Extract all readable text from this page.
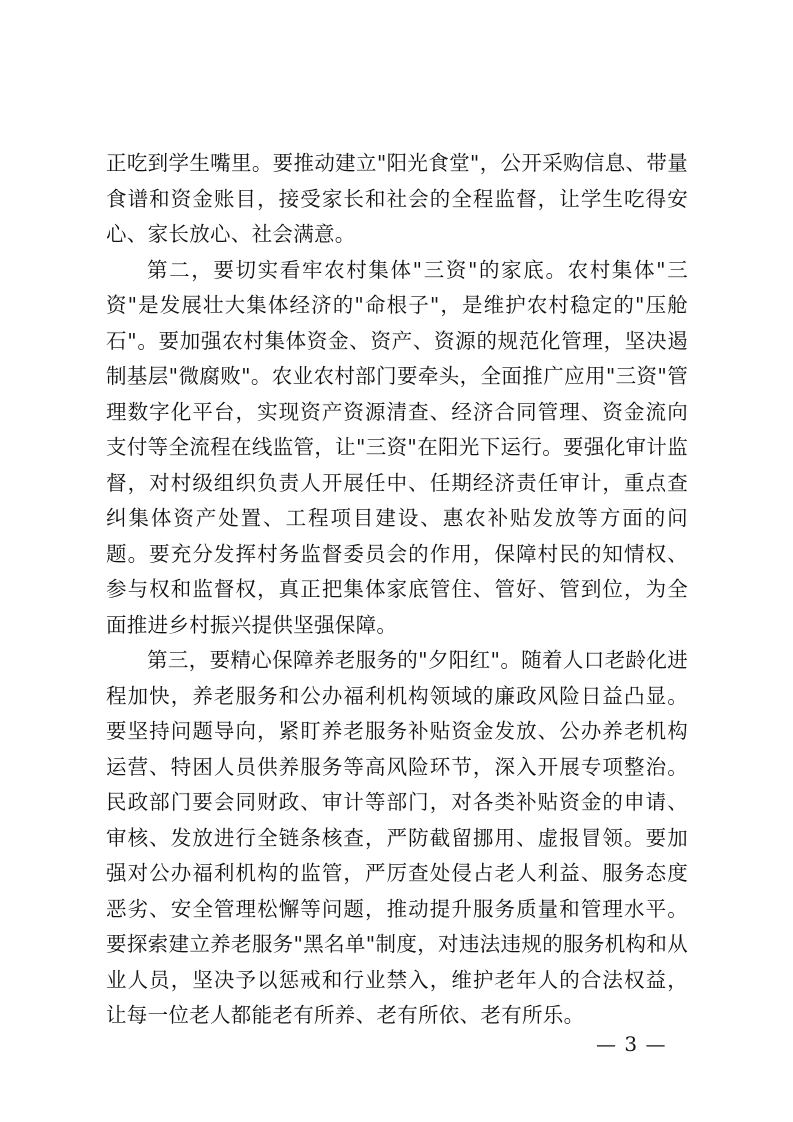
正吃到学生嘴里。要推动建立"阳光食堂"，公开采购信息、带量食谱和资金账目，接受家长和社会的全程监督，让学生吃得安心、家长放心、社会满意。

第二，要切实看牢农村集体"三资"的家底。农村集体"三资"是发展壮大集体经济的"命根子"，是维护农村稳定的"压舱石"。要加强农村集体资金、资产、资源的规范化管理，坚决遏制基层"微腐败"。农业农村部门要牵头，全面推广应用"三资"管理数字化平台，实现资产资源清查、经济合同管理、资金流向支付等全流程在线监管，让"三资"在阳光下运行。要强化审计监督，对村级组织负责人开展任中、任期经济责任审计，重点查纠集体资产处置、工程项目建设、惠农补贴发放等方面的问题。要充分发挥村务监督委员会的作用，保障村民的知情权、参与权和监督权，真正把集体家底管住、管好、管到位，为全面推进乡村振兴提供坚强保障。

第三，要精心保障养老服务的"夕阳红"。随着人口老龄化进程加快，养老服务和公办福利机构领域的廉政风险日益凸显。要坚持问题导向，紧盯养老服务补贴资金发放、公办养老机构运营、特困人员供养服务等高风险环节，深入开展专项整治。民政部门要会同财政、审计等部门，对各类补贴资金的申请、审核、发放进行全链条核查，严防截留挪用、虚报冒领。要加强对公办福利机构的监管，严厉查处侵占老人利益、服务态度恶劣、安全管理松懈等问题，推动提升服务质量和管理水平。要探索建立养老服务"黑名单"制度，对违法违规的服务机构和从业人员，坚决予以惩戒和行业禁入，维护老年人的合法权益，让每一位老人都能老有所养、老有所依、老有所乐。

— 3 —
